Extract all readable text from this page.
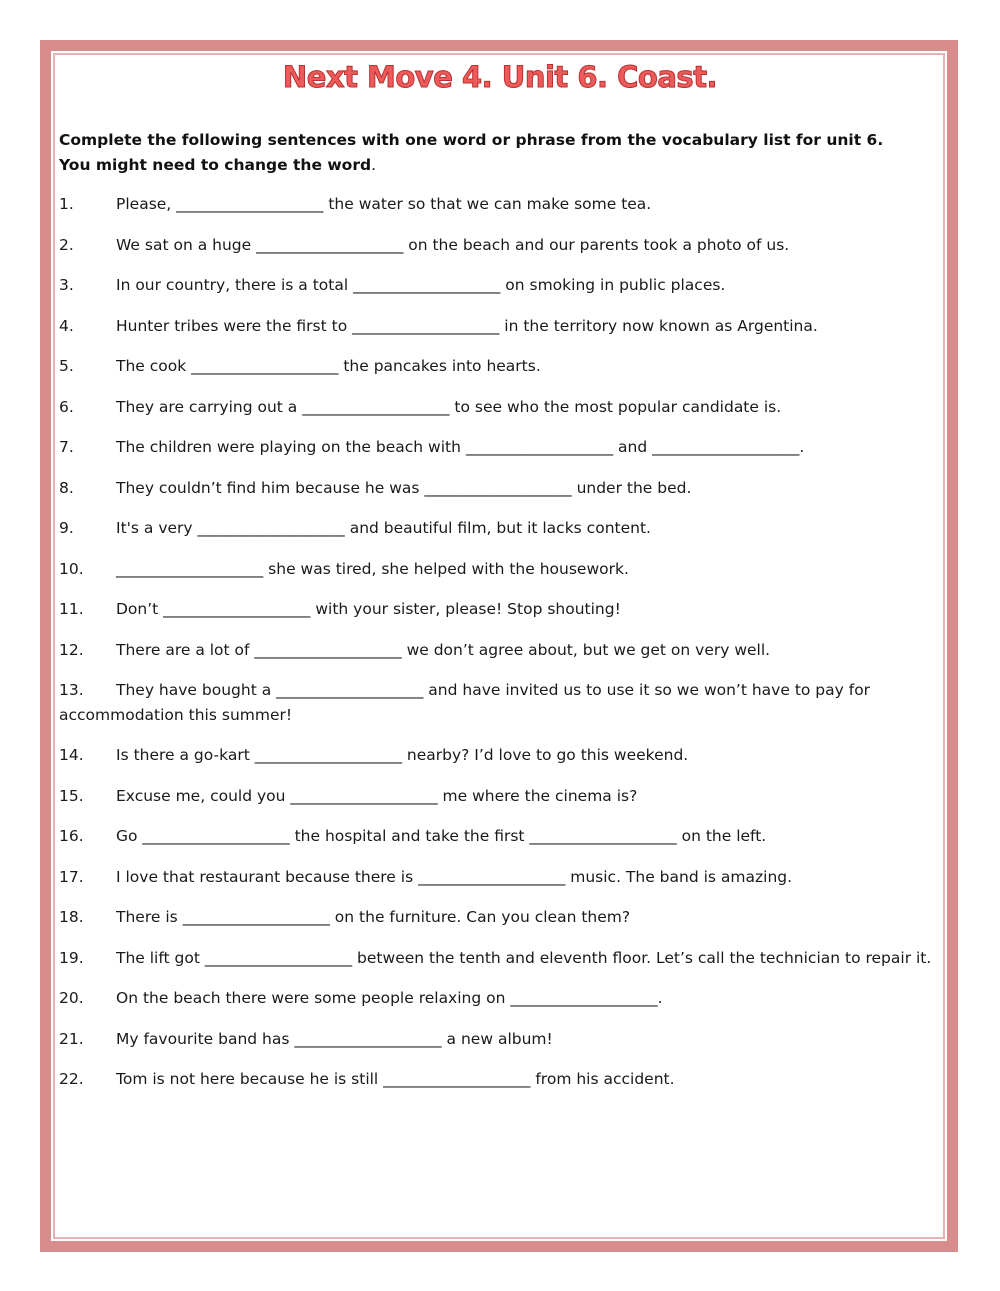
Next Move 4. Unit 6. Coast.
Complete the following sentences with one word or phrase from the vocabulary list for unit 6. You might need to change the word.
1.	Please, ___________________ the water so that we can make some tea.
2.	We sat on a huge ___________________ on the beach and our parents took a photo of us.
3.	In our country, there is a total ___________________ on smoking in public places.
4.	Hunter tribes were the first to ___________________ in the territory now known as Argentina.
5.	The cook ___________________ the pancakes into hearts.
6.	They are carrying out a ___________________ to see who the most popular candidate is.
7.	The children were playing on the beach with ___________________ and ___________________.
8.	They couldn’t find him because he was ___________________ under the bed.
9.	It's a very ___________________ and beautiful film, but it lacks content.
10. ___________________ she was tired, she helped with the housework.
11. Don’t ___________________ with your sister, please! Stop shouting!
12. There are a lot of ___________________ we don’t agree about, but we get on very well.
13. They have bought a ___________________ and have invited us to use it so we won’t have to pay for accommodation this summer!
14. Is there a go-kart ___________________ nearby? I’d love to go this weekend.
15. Excuse me, could you ___________________ me where the cinema is?
16. Go ___________________ the hospital and take the first ___________________ on the left.
17. I love that restaurant because there is ___________________ music. The band is amazing.
18. There is ___________________ on the furniture. Can you clean them?
19. The lift got ___________________ between the tenth and eleventh floor. Let’s call the technician to repair it.
20. On the beach there were some people relaxing on ___________________.
21. My favourite band has ___________________ a new album!
22. Tom is not here because he is still ___________________ from his accident.
